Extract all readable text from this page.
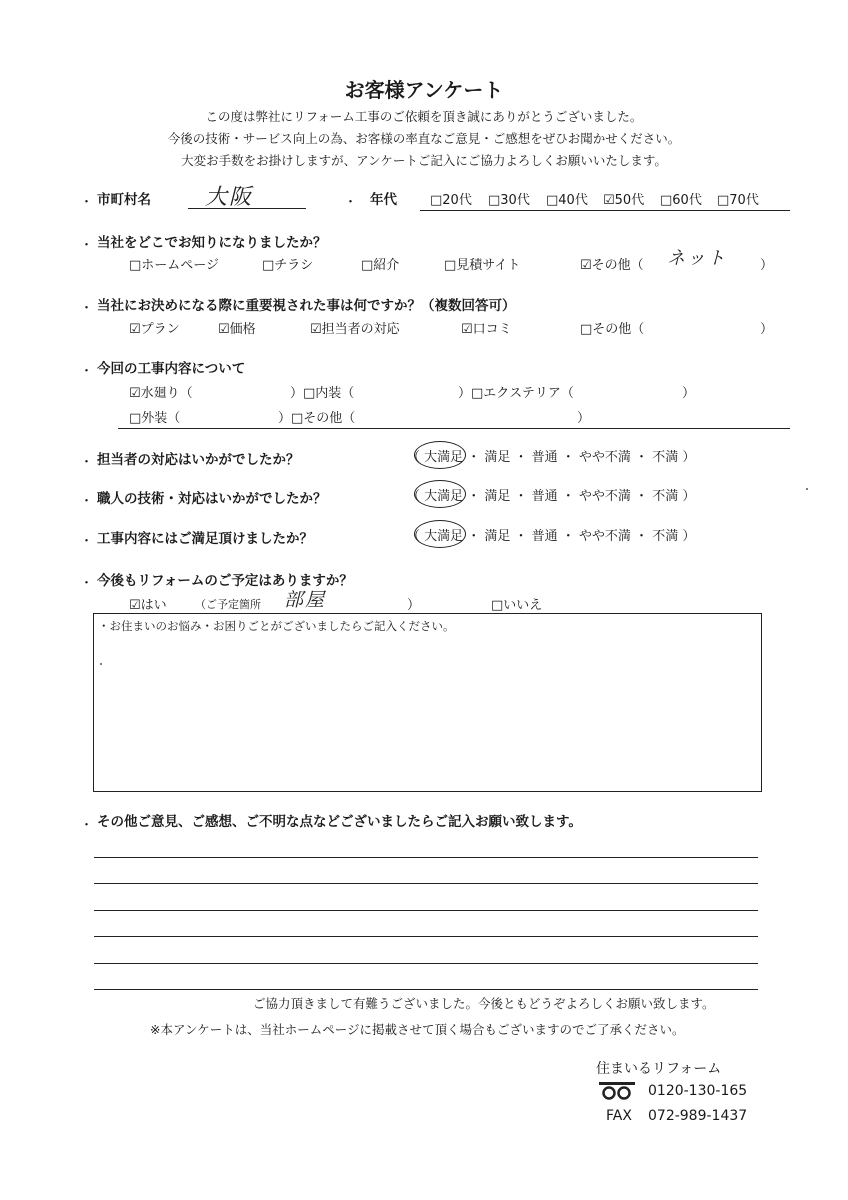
お客様アンケート
この度は弊社にリフォーム工事のご依頼を頂き誠にありがとうございました。
今後の技術・サービス向上の為、お客様の率直なご意見・ご感想をぜひお聞かせください。
大変お手数をお掛けしますが、アンケートご記入にご協力よろしくお願いいたします。
・ 市町村名 大阪	・ 年代	□20代 □30代 □40代 ☑50代 □60代 □70代
・ 当社をどこでお知りになりましたか？
□ホームページ	□チラシ	□紹介	□見積サイト	☑その他（ ネット	）
・ 当社にお決めになる際に重要視された事は何ですか？（複数回答可）
☑プラン	☑価格	☑担当者の対応	☑口コミ	□その他（	）
・ 今回の工事内容について
☑水廻り（	）□内装（	）□エクステリア（	）
□外装（	）□その他（	）
・ 担当者の対応はいかがでしたか？	（ 大満足 ・ 満足 ・ 普通 ・ やや不満 ・ 不満 ）
・ 職人の技術・対応はいかがでしたか？	（ 大満足 ・ 満足 ・ 普通 ・ やや不満 ・ 不満 ）
・ 工事内容にはご満足頂けましたか？	（ 大満足 ・ 満足 ・ 普通 ・ やや不満 ・ 不満 ）
・ 今後もリフォームのご予定はありますか？
☑はい	（ご予定箇所 部屋	）	□いいえ
・お住まいのお悩み・お困りごとがございましたらご記入ください。
・ その他ご意見、ご感想、ご不明な点などございましたらご記入お願い致します。
ご協力頂きまして有難うございました。今後ともどうぞよろしくお願い致します。
※本アンケートは、当社ホームページに掲載させて頂く場合もございますのでご了承ください。
住まいるリフォーム
0120-130-165
FAX 072-989-1437
